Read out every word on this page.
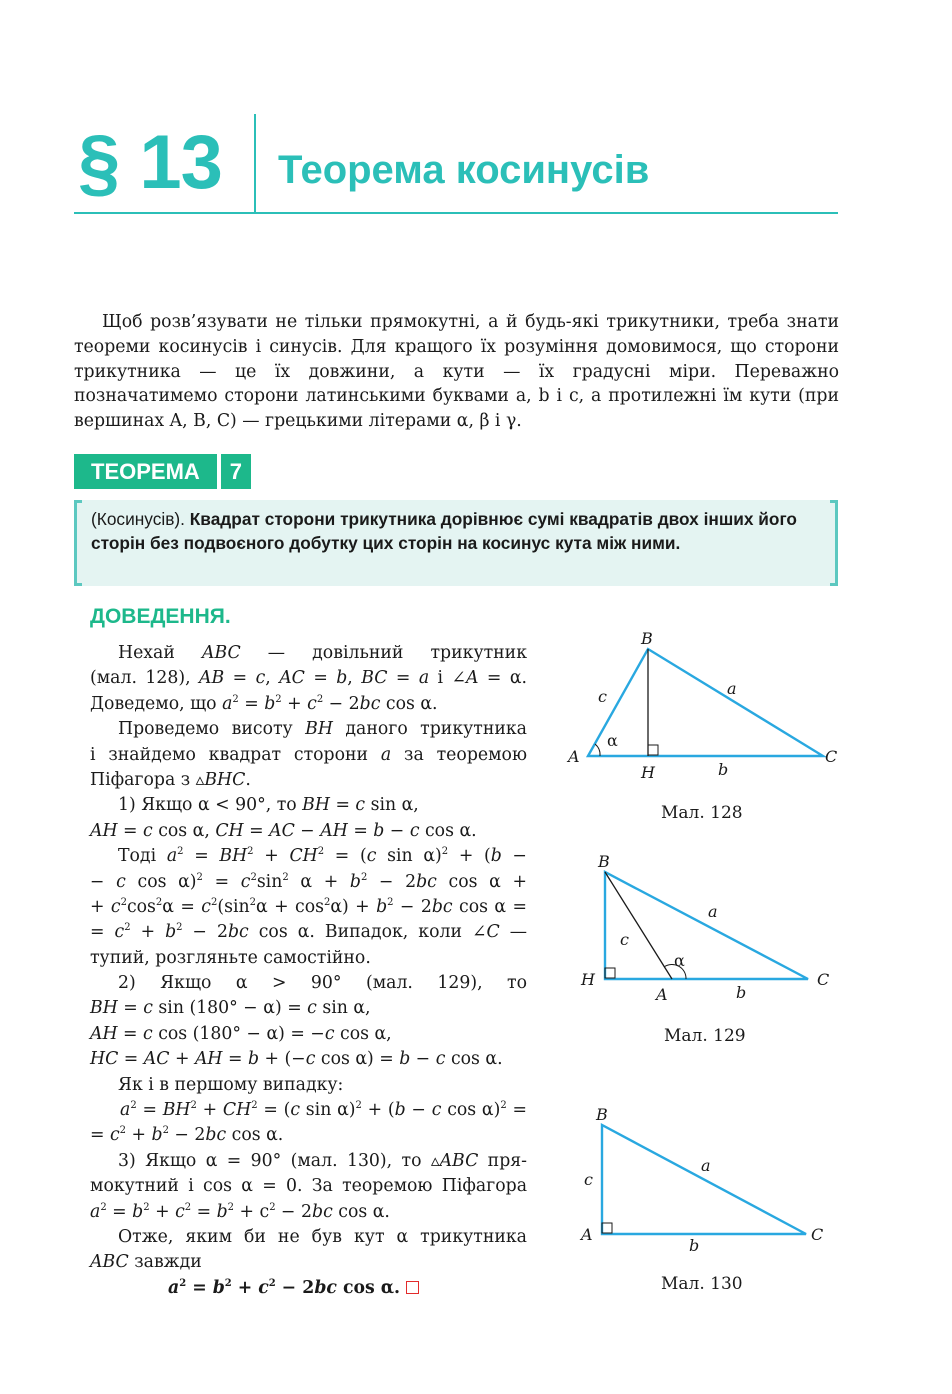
§ 13 Теорема косинусів

Щоб розв’язувати не тільки прямокутні, а й будь-які трикутники, треба знати теореми косинусів і синусів. Для кращого їх розуміння домовимося, що сторони трикутника — це їх довжини, а кути — їх градусні міри. Переважно позначатимемо сторони латинськими буквами a, b і c, а протилежні їм кути (при вершинах A, B, C) — грецькими літерами α, β і γ.

ТЕОРЕМА	7
(Косинусів). Квадрат сторони трикутника дорівнює сумі квадратів двох інших його сторін без подвоєного добутку цих сторін на косинус кута між ними.
ДОВЕДЕННЯ.
Нехай ABC — довільний трикутник
(мал. 128), AB = c, AC = b, BC = a і ∠A = α.
Доведемо, що $a^2 = b^2 + c^2 - 2bc$ cos α.
Проведемо висоту BH даного трикутника
і знайдемо квадрат сторони a за теоремою
Піфагора з ▵BHC.
1) Якщо α < 90°, то BH = c sin α,
AH = c cos α, CH = AC − AH = b − c cos α.
Тоді $a^2 = BH^2 + CH^2 = (c$ sin α)$^2$ + (b −
− c $\cos \alpha)^2 = c^2\sin^2$ $\alpha + b^2 - 2bc$ cos α +
+ $c^2\cos^2\alpha = c^2(\sin^2\alpha + \cos^2\alpha) + b^2 - 2bc$ cos α =
= $c^2 + b^2 - 2bc$ cos α. Випадок, коли ∠C —
тупий, розгляньте самостійно.
2) Якщо α > 90° (мал. 129), то
BH = c sin (180° − α) = c sin α,
AH = c cos (180° − α) = −c cos α,
HC = AC + AH = b + (−c cos α) = b − c cos α.
Як і в першому випадку:
$a^2 = BH^2 + CH^2 = (c$ sin α)$^2$ + (b − c cos α)$^2$ =
= $c^2 + b^2 - 2bc$ cos α.
3) Якщо α = 90° (мал. 130), то ▵ABC пря-
мокутний і cos α = 0. За теоремою Піфагора
$a^2 = b^2 + c^2 = b^2 + c^2 - 2bc$ cos α.
Отже, яким би не був кут α трикутника
ABC завжди
$a^2 = b^2 + c^2 - 2bc$ cos α.
B
A	C
H
c	a
b
α
Мал. 128
B
H
A
C
c
a
b
α
Мал. 129
B
A	C
c
a
b
Мал. 130
